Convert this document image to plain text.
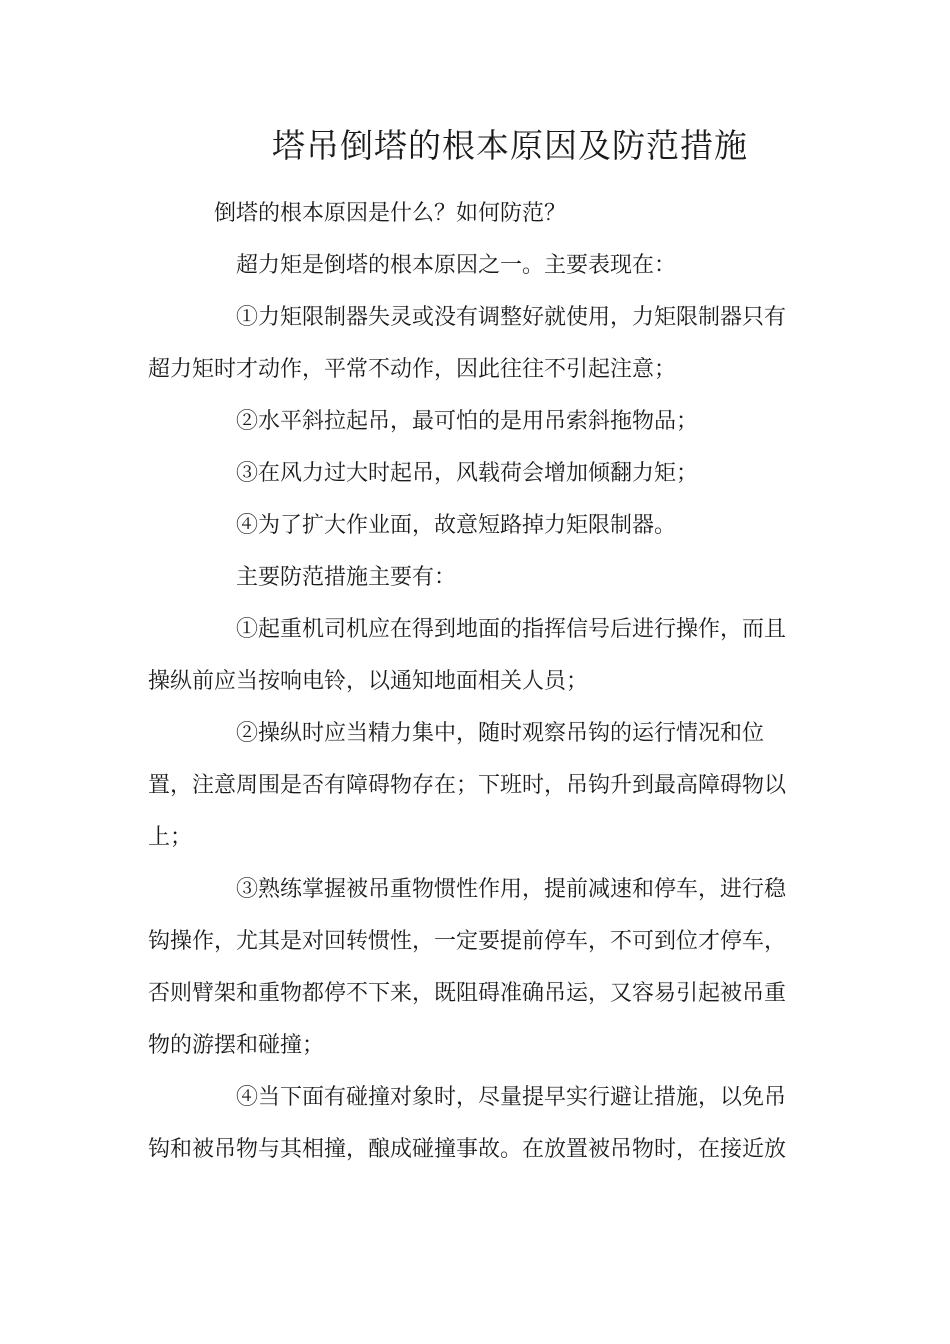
塔吊倒塔的根本原因及防范措施

倒塔的根本原因是什么？如何防范？

超力矩是倒塔的根本原因之一。主要表现在：

①力矩限制器失灵或没有调整好就使用，力矩限制器只有

超力矩时才动作，平常不动作，因此往往不引起注意；

②水平斜拉起吊，最可怕的是用吊索斜拖物品；

③在风力过大时起吊，风载荷会增加倾翻力矩；

④为了扩大作业面，故意短路掉力矩限制器。

主要防范措施主要有：

①起重机司机应在得到地面的指挥信号后进行操作，而且

操纵前应当按响电铃，以通知地面相关人员；

②操纵时应当精力集中，随时观察吊钩的运行情况和位

置，注意周围是否有障碍物存在；下班时，吊钩升到最高障碍物以

上；

③熟练掌握被吊重物惯性作用，提前减速和停车，进行稳

钩操作，尤其是对回转惯性，一定要提前停车，不可到位才停车，

否则臂架和重物都停不下来，既阻碍准确吊运，又容易引起被吊重

物的游摆和碰撞；

④当下面有碰撞对象时，尽量提早实行避让措施，以免吊

钩和被吊物与其相撞，酿成碰撞事故。在放置被吊物时，在接近放
